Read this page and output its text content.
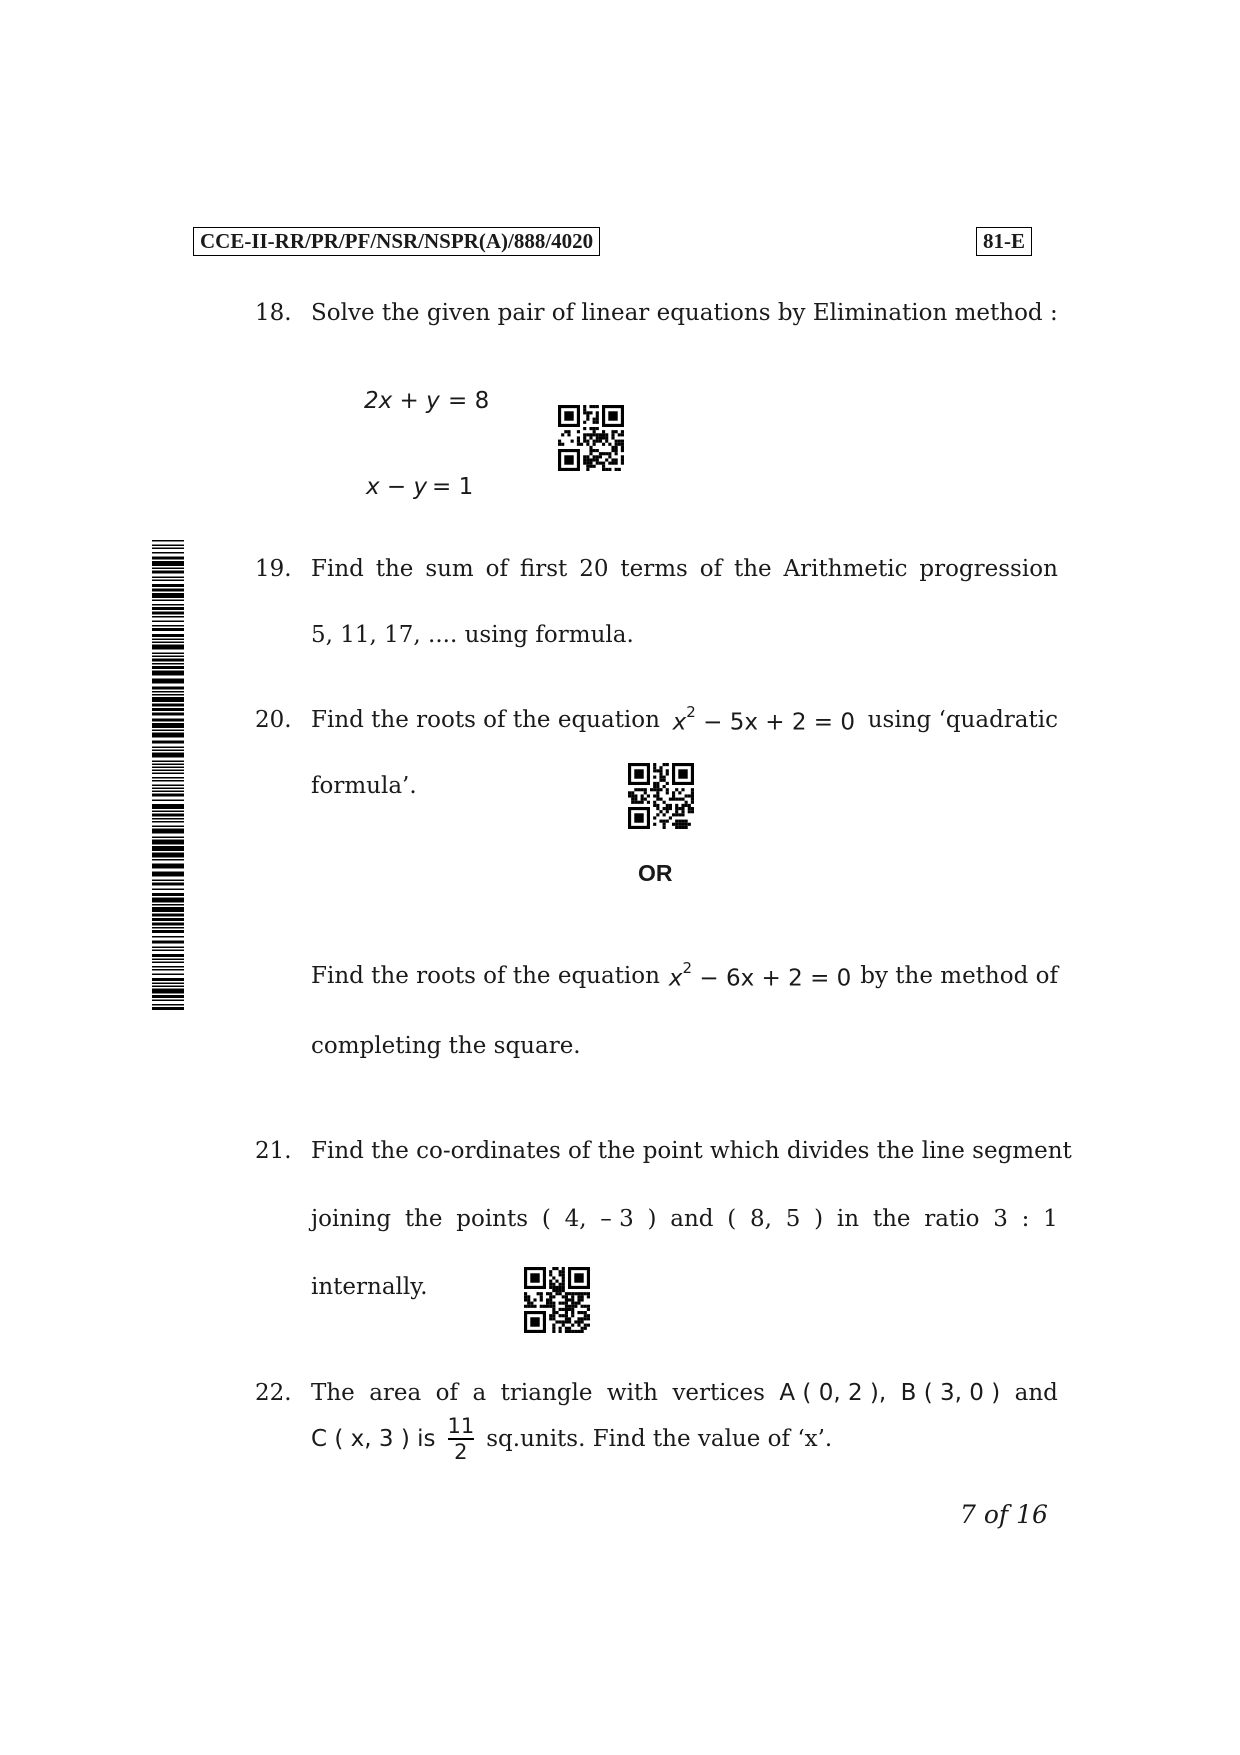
CCE-II-RR/PR/PF/NSR/NSPR(A)/888/4020	81-E
18. Solve the given pair of linear equations by Elimination method :
2x + y = 8
x − y = 1
19. Find the sum of first 20 terms of the Arithmetic progression
5, 11, 17, .... using formula.
20. Find the roots of the equation $x^2 - 5x + 2 = 0$ using ‘quadratic
formula’.
OR
Find the roots of the equation $x^2 - 6x + 2 = 0$ by the method of
completing the square.
21. Find the co-ordinates of the point which divides the line segment
joining the points ( 4, – 3 ) and ( 8, 5 ) in the ratio 3 : 1
internally.
22. The area of a triangle with vertices A ( 0, 2 ), B ( 3, 0 ) and
C ( x, 3 ) is $\frac{11}{2}$ sq.units. Find the value of ‘x’.
7 of 16
